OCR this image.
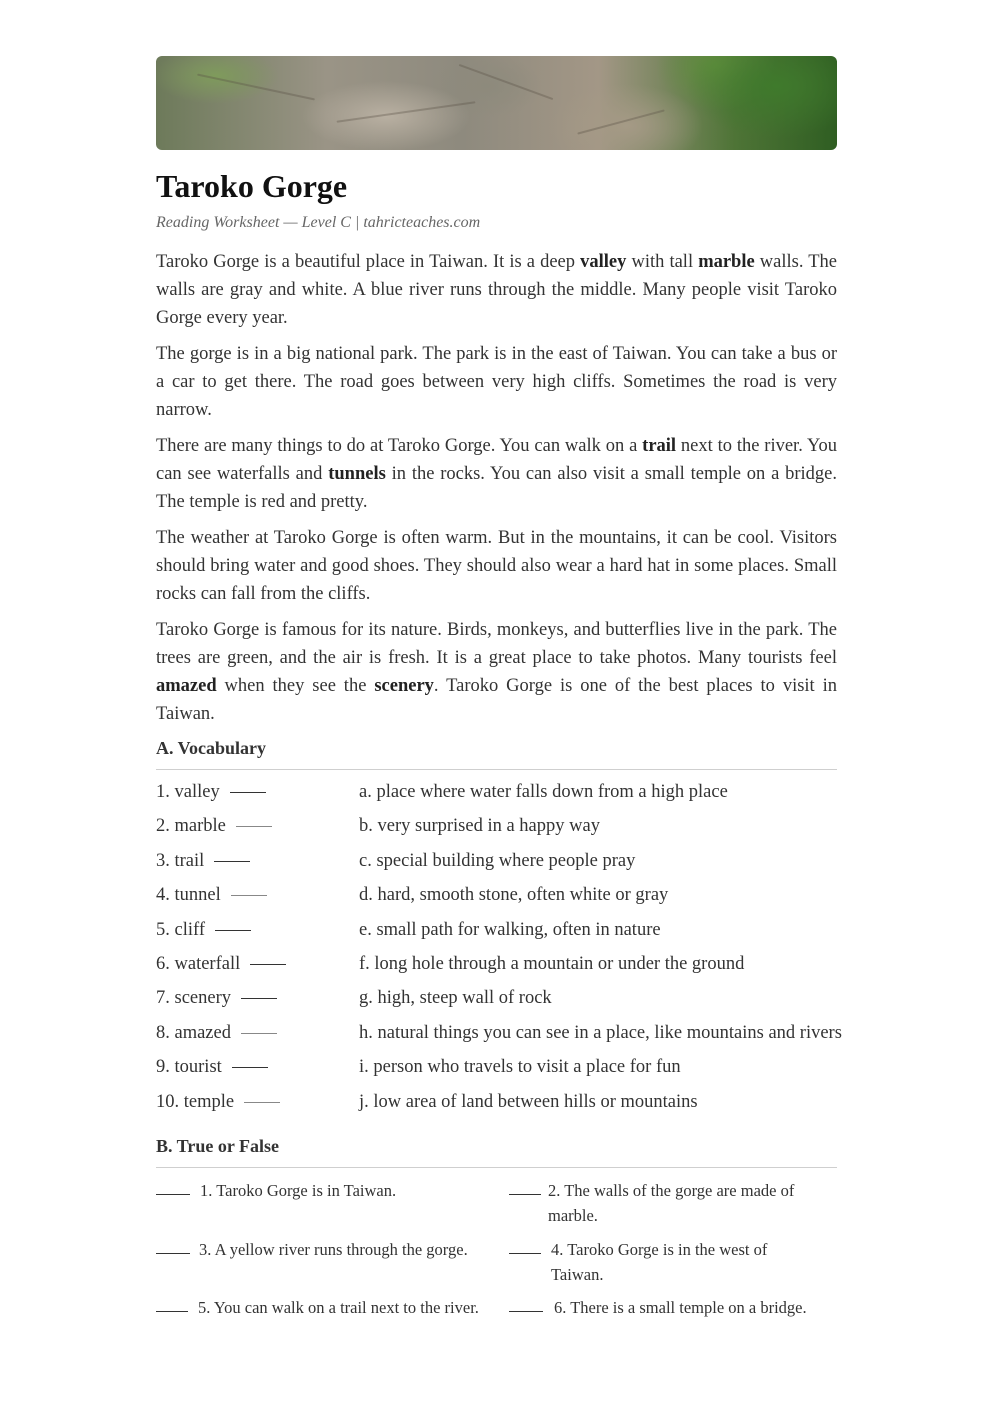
Taroko Gorge

Reading Worksheet — Level C | tahricteaches.com

Taroko Gorge is a beautiful place in Taiwan. It is a deep valley with tall marble walls. The walls are gray and white. A blue river runs through the middle. Many people visit Taroko Gorge every year.

The gorge is in a big national park. The park is in the east of Taiwan. You can take a bus or a car to get there. The road goes between very high cliffs. Sometimes the road is very narrow.

There are many things to do at Taroko Gorge. You can walk on a trail next to the river. You can see waterfalls and tunnels in the rocks. You can also visit a small temple on a bridge. The temple is red and pretty.

The weather at Taroko Gorge is often warm. But in the mountains, it can be cool. Visitors should bring water and good shoes. They should also wear a hard hat in some places. Small rocks can fall from the cliffs.

Taroko Gorge is famous for its nature. Birds, monkeys, and butterflies live in the park. The trees are green, and the air is fresh. It is a great place to take photos. Many tourists feel amazed when they see the scenery. Taroko Gorge is one of the best places to visit in Taiwan.

A. Vocabulary
1. valley	a. place where water falls down from a high place
2. marble	b. very surprised in a happy way
3. trail	c. special building where people pray
4. tunnel	d. hard, smooth stone, often white or gray
5. cliff	e. small path for walking, often in nature
6. waterfall	f. long hole through a mountain or under the ground
7. scenery	g. high, steep wall of rock
8. amazed	h. natural things you can see in a place, like mountains and rivers
9. tourist	i. person who travels to visit a place for fun
10. temple	j. low area of land between hills or mountains
B. True or False
1. Taroko Gorge is in Taiwan.	2. The walls of the gorge are made of marble.
3. A yellow river runs through the gorge.	4. Taroko Gorge is in the west of Taiwan.
5. You can walk on a trail next to the river.	6. There is a small temple on a bridge.
